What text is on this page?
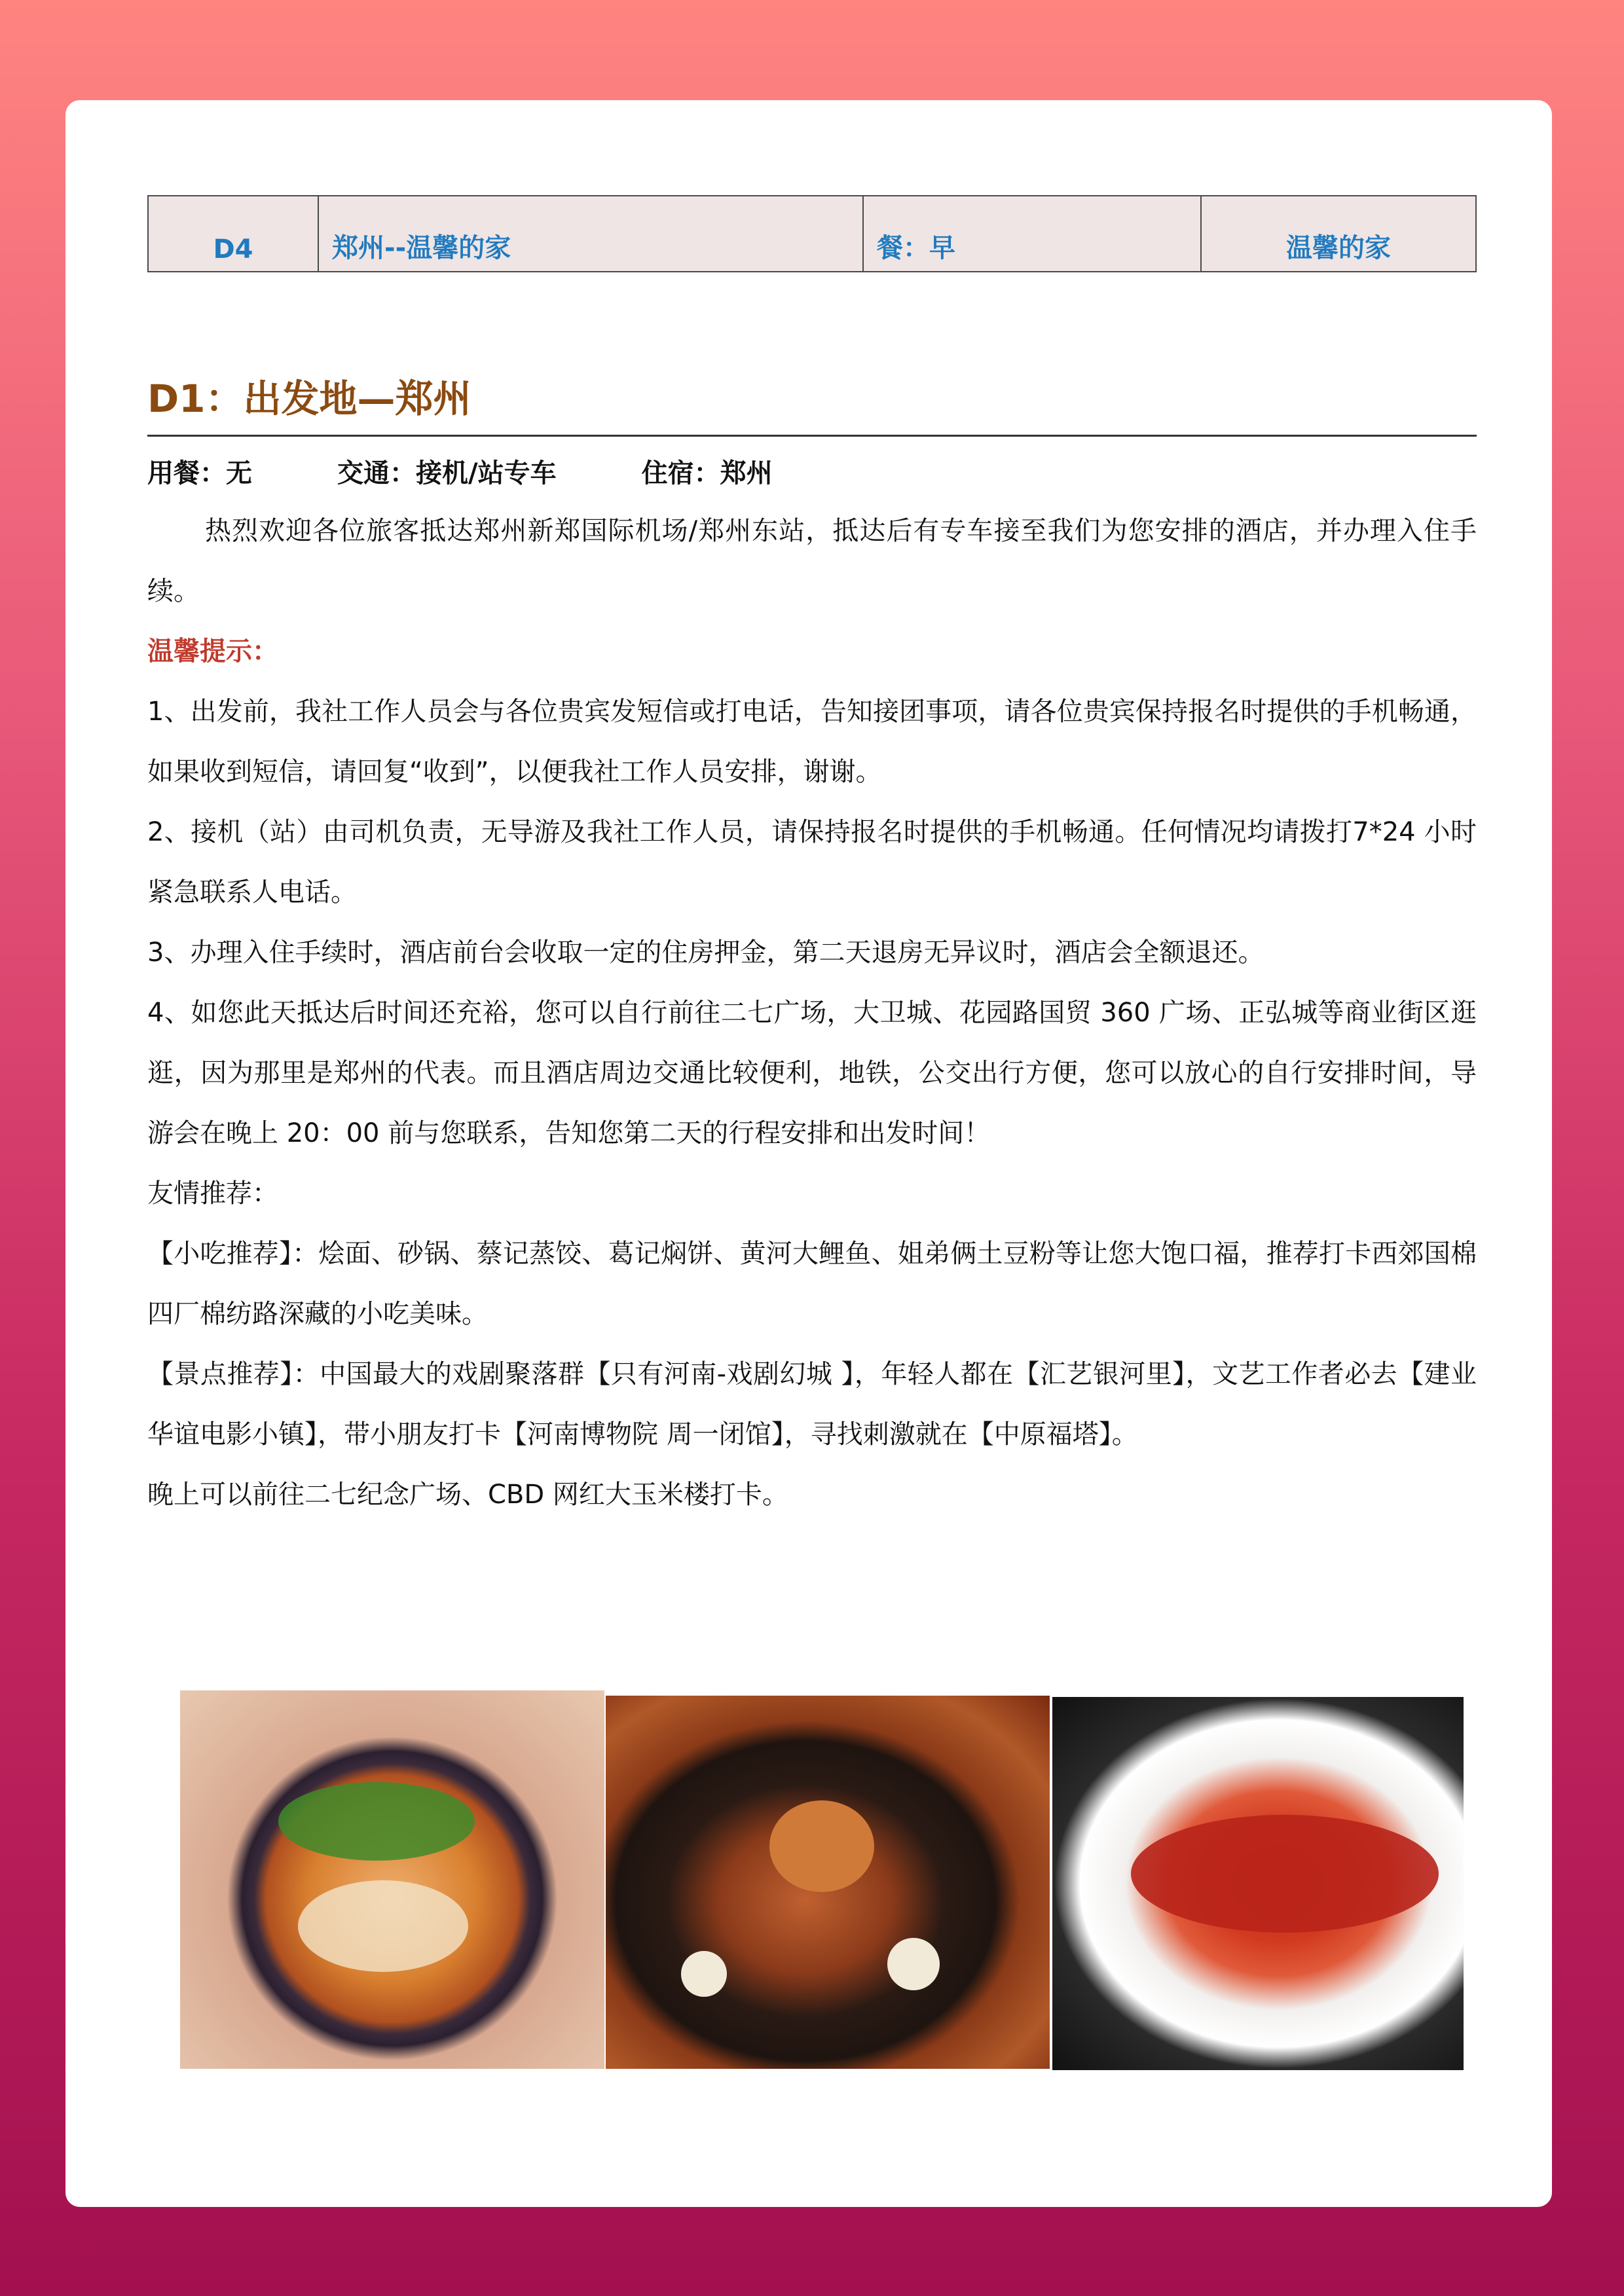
D4	郑州--温馨的家	餐：早	温馨的家
D1：出发地—郑州
用餐：无	交通：接机/站专车	住宿：郑州

热烈欢迎各位旅客抵达郑州新郑国际机场/郑州东站，抵达后有专车接至我们为您安排的酒店，并办理入住手续。

温馨提示：

1、出发前，我社工作人员会与各位贵宾发短信或打电话，告知接团事项，请各位贵宾保持报名时提供的手机畅通，如果收到短信，请回复“收到”，以便我社工作人员安排，谢谢。

2、接机（站）由司机负责，无导游及我社工作人员，请保持报名时提供的手机畅通。任何情况均请拨打7*24 小时紧急联系人电话。

3、办理入住手续时，酒店前台会收取一定的住房押金，第二天退房无异议时，酒店会全额退还。

4、如您此天抵达后时间还充裕，您可以自行前往二七广场，大卫城、花园路国贸 360 广场、正弘城等商业街区逛逛，因为那里是郑州的代表。而且酒店周边交通比较便利，地铁，公交出行方便，您可以放心的自行安排时间，导游会在晚上 20：00 前与您联系，告知您第二天的行程安排和出发时间！

友情推荐：

【小吃推荐】：烩面、砂锅、蔡记蒸饺、葛记焖饼、黄河大鲤鱼、姐弟俩土豆粉等让您大饱口福，推荐打卡西郊国棉四厂棉纺路深藏的小吃美味。

【景点推荐】：中国最大的戏剧聚落群【只有河南-戏剧幻城 】，年轻人都在【汇艺银河里】，文艺工作者必去【建业华谊电影小镇】，带小朋友打卡【河南博物院 周一闭馆】，寻找刺激就在【中原福塔】。

晚上可以前往二七纪念广场、CBD 网红大玉米楼打卡。
